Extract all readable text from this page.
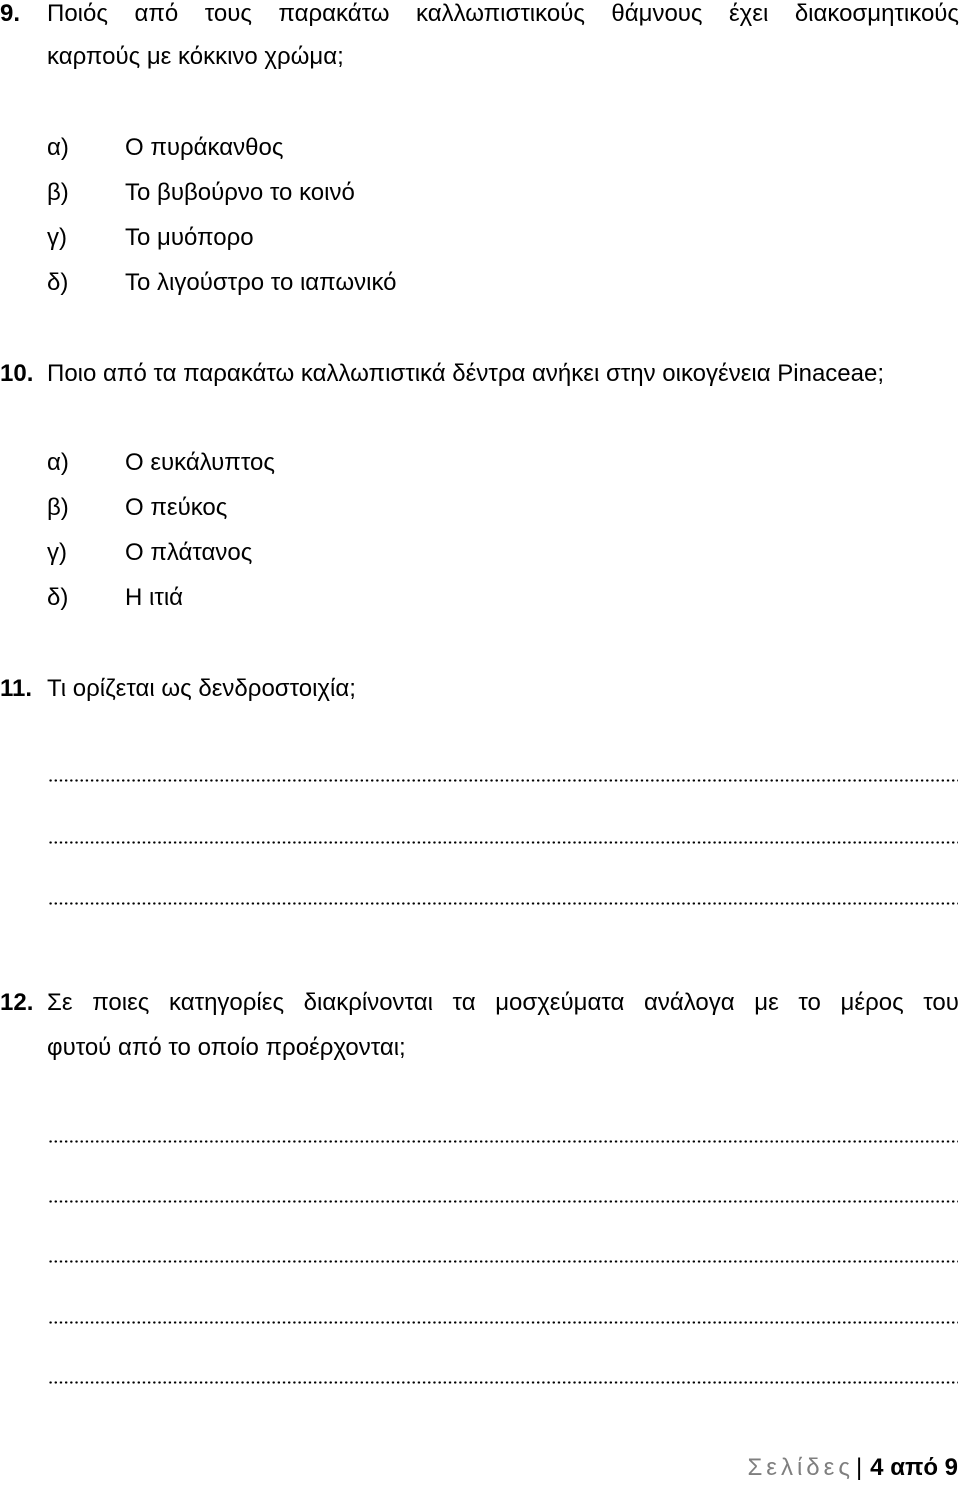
9. Ποιός από τους παρακάτω καλλωπιστικούς θάμνους έχει διακοσμητικούς
καρπούς με κόκκινο χρώμα;
α) Ο πυράκανθος
β) Το βυβούρνο το κοινό
γ) Το μυόπορο
δ) Το λιγούστρο το ιαπωνικό
10. Ποιο από τα παρακάτω καλλωπιστικά δέντρα ανήκει στην οικογένεια Pinaceae;
α) Ο ευκάλυπτος
β) Ο πεύκος
γ) Ο πλάτανος
δ) Η ιτιά
11. Τι ορίζεται ως δενδροστοιχία;
12. Σε ποιες κατηγορίες διακρίνονται τα μοσχεύματα ανάλογα με το μέρος του
φυτού από το οποίο προέρχονται;
Σελίδες| 4 από 9
